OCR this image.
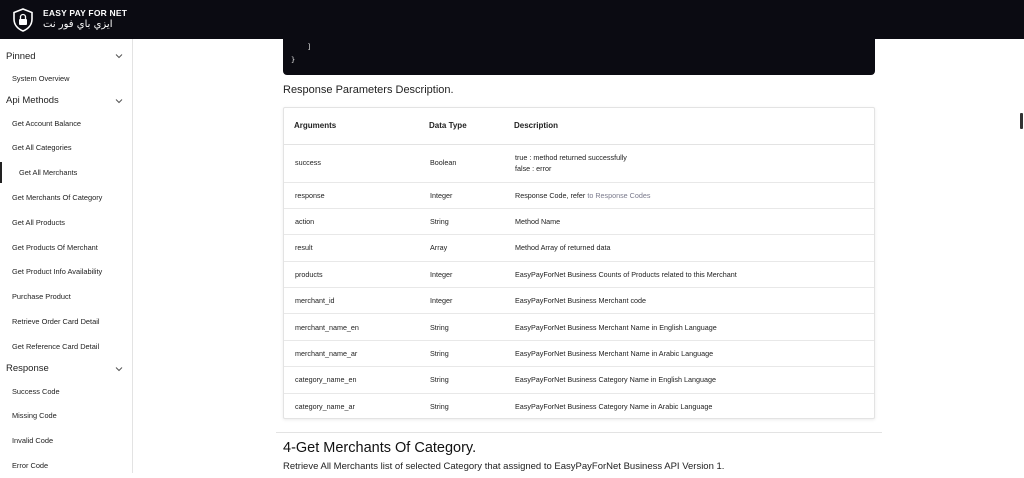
EASY PAY FOR NET
ايزي باي فور نت
Pinned
System Overview
Api Methods
Get Account Balance
Get All Categories
Get All Merchants
Get Merchants Of Category
Get All Products
Get Products Of Merchant
Get Product Info Availability
Purchase Product
Retrieve Order Card Detail
Get Reference Card Detail
Response
Success Code
Missing Code
Invalid Code
Error Code
]
}
Response Parameters Description.
Arguments	Data Type	Description
success	Boolean	true : method returned successfully
false : error

response	Integer	Response Code, refer to Response Codes
action	String	Method Name
result	Array	Method Array of returned data
products	Integer	EasyPayForNet Business Counts of Products related to this Merchant
merchant_id	Integer	EasyPayForNet Business Merchant code
merchant_name_en	String	EasyPayForNet Business Merchant Name in English Language
merchant_name_ar	String	EasyPayForNet Business Merchant Name in Arabic Language
category_name_en	String	EasyPayForNet Business Category Name in English Language
category_name_ar	String	EasyPayForNet Business Category Name in Arabic Language
4-Get Merchants Of Category.
Retrieve All Merchants list of selected Category that assigned to EasyPayForNet Business API Version 1.
